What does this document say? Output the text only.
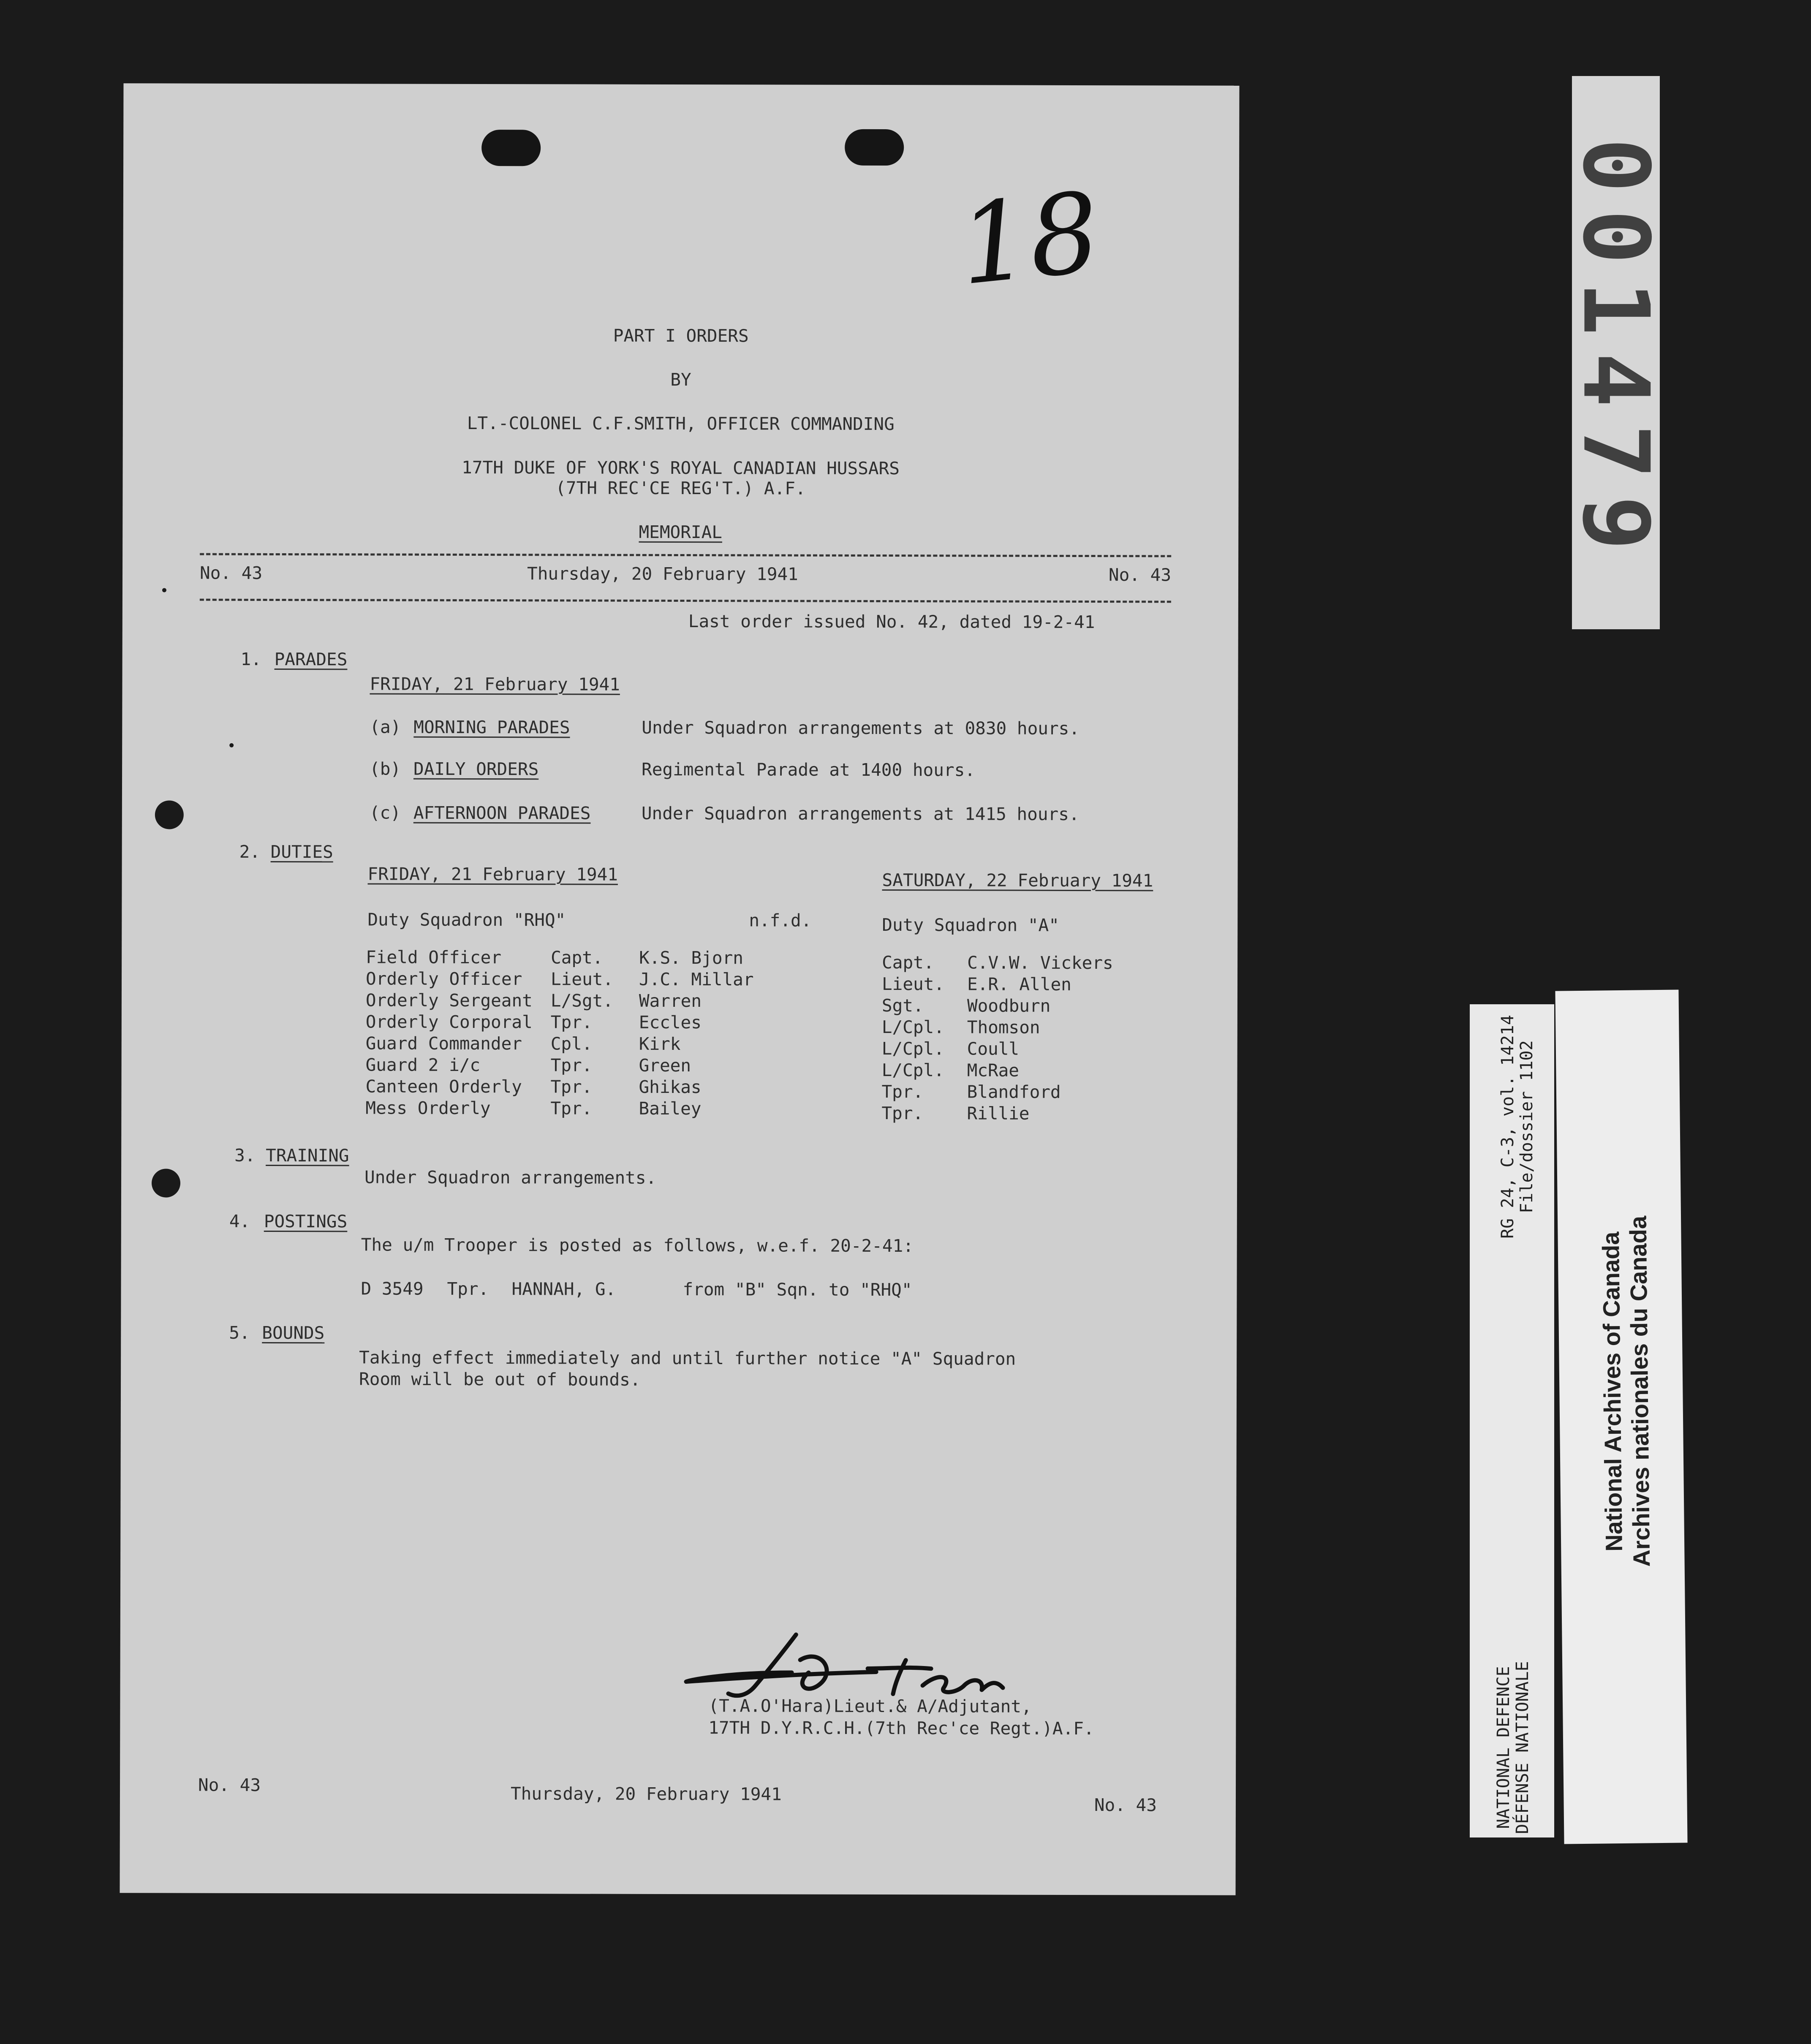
18
PART I ORDERS
BY
LT.-COLONEL C.F.SMITH, OFFICER COMMANDING
17TH DUKE OF YORK'S ROYAL CANADIAN HUSSARS
(7TH REC'CE REG'T.) A.F.
MEMORIAL
No. 43	Thursday, 20 February 1941	No. 43
Last order issued No. 42, dated 19-2-41
1. PARADES
FRIDAY, 21 February 1941
(a) MORNING PARADES	Under Squadron arrangements at 0830 hours.
(b) DAILY ORDERS	Regimental Parade at 1400 hours.
(c) AFTERNOON PARADES	Under Squadron arrangements at 1415 hours.
2. DUTIES
FRIDAY, 21 February 1941	SATURDAY, 22 February 1941
Duty Squadron "RHQ"	n.f.d.	Duty Squadron "A"
Field Officer	Capt. K.S. Bjorn	Capt. C.V.W. Vickers
Orderly Officer Lieut. J.C. Millar	Lieut. E.R. Allen
Orderly Sergeant L/Sgt. Warren	Sgt.	Woodburn
Orderly Corporal Tpr.	Eccles	L/Cpl. Thomson
Guard Commander Cpl.	Kirk	L/Cpl. Coull
Guard 2 i/c	Tpr.	Green	L/Cpl. McRae
Canteen Orderly Tpr.	Ghikas	Tpr.	Blandford
Mess Orderly	Tpr.	Bailey	Tpr.	Rillie
3. TRAINING
Under Squadron arrangements.
4. POSTINGS
The u/m Trooper is posted as follows, w.e.f. 20-2-41:
D 3549 Tpr. HANNAH, G.	from "B" Sqn. to "RHQ"
5. BOUNDS
Taking effect immediately and until further notice "A" Squadron
Room will be out of bounds.
(T.A.O'Hara)Lieut.& A/Adjutant,
17TH D.Y.R.C.H.(7th Rec'ce Regt.)A.F.
No. 43	Thursday, 20 February 1941
No. 43
001479
RG 24, C-3, vol. 14214 File/dossier 1102
NATIONAL DEFENCE DÉFENSE NATIONALE
National Archives of Canada
Archives nationales du Canada
